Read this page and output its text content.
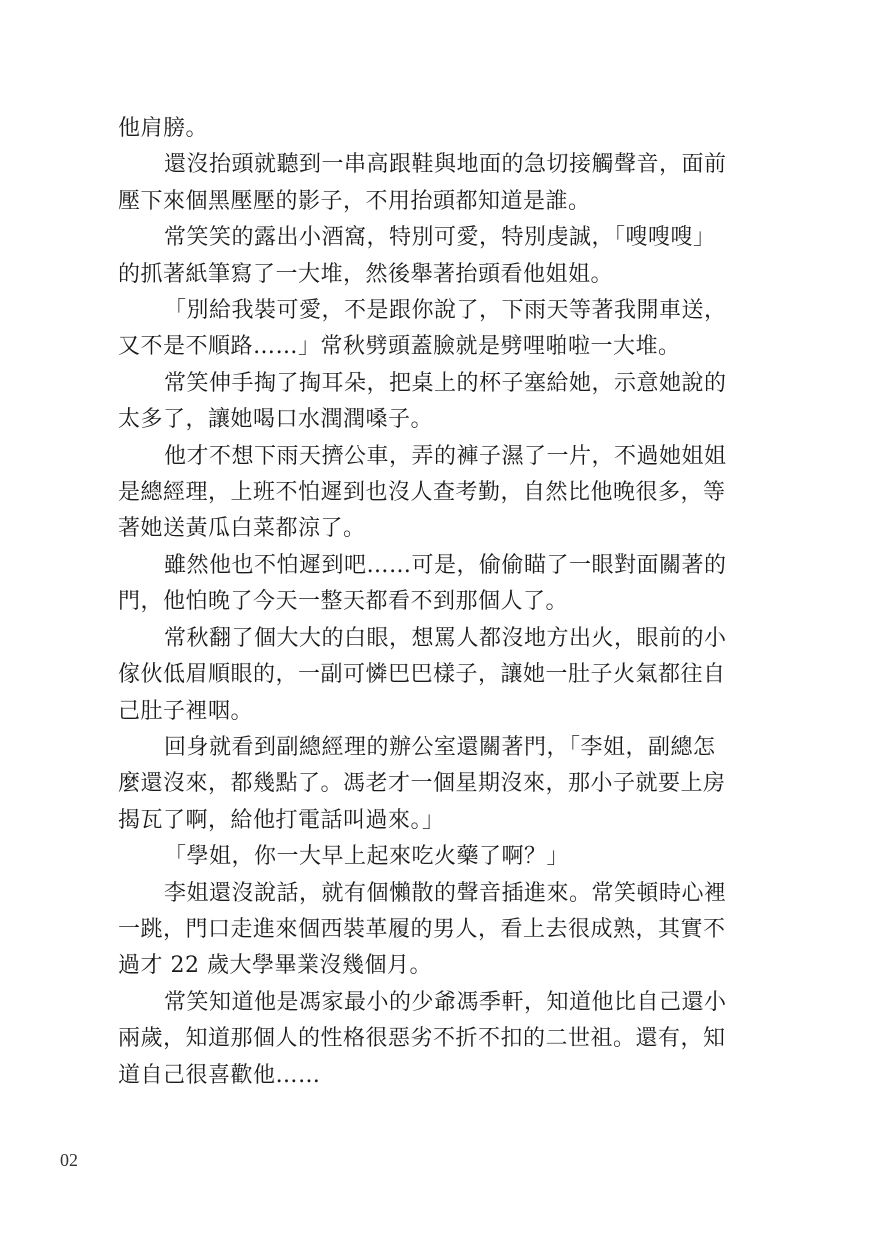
他肩膀。

還沒抬頭就聽到一串高跟鞋與地面的急切接觸聲音，面前

壓下來個黑壓壓的影子，不用抬頭都知道是誰。

常笑笑的露出小酒窩，特別可愛，特別虔誠，「嗖嗖嗖」

的抓著紙筆寫了一大堆，然後舉著抬頭看他姐姐。

「別給我裝可愛，不是跟你說了，下雨天等著我開車送，

又不是不順路……」常秋劈頭蓋臉就是劈哩啪啦一大堆。

常笑伸手掏了掏耳朵，把桌上的杯子塞給她，示意她說的

太多了，讓她喝口水潤潤嗓子。

他才不想下雨天擠公車，弄的褲子濕了一片，不過她姐姐

是總經理，上班不怕遲到也沒人查考勤，自然比他晚很多，等

著她送黃瓜白菜都涼了。

雖然他也不怕遲到吧……可是，偷偷瞄了一眼對面關著的

門，他怕晚了今天一整天都看不到那個人了。

常秋翻了個大大的白眼，想罵人都沒地方出火，眼前的小

傢伙低眉順眼的，一副可憐巴巴樣子，讓她一肚子火氣都往自

己肚子裡咽。

回身就看到副總經理的辦公室還關著門，「李姐，副總怎

麼還沒來，都幾點了。馮老才一個星期沒來，那小子就要上房

揭瓦了啊，給他打電話叫過來。」

「學姐，你一大早上起來吃火藥了啊？」

李姐還沒說話，就有個懶散的聲音插進來。常笑頓時心裡

一跳，門口走進來個西裝革履的男人，看上去很成熟，其實不

過才 22 歲大學畢業沒幾個月。

常笑知道他是馮家最小的少爺馮季軒，知道他比自己還小

兩歲，知道那個人的性格很惡劣不折不扣的二世祖。還有，知

道自己很喜歡他……

02
